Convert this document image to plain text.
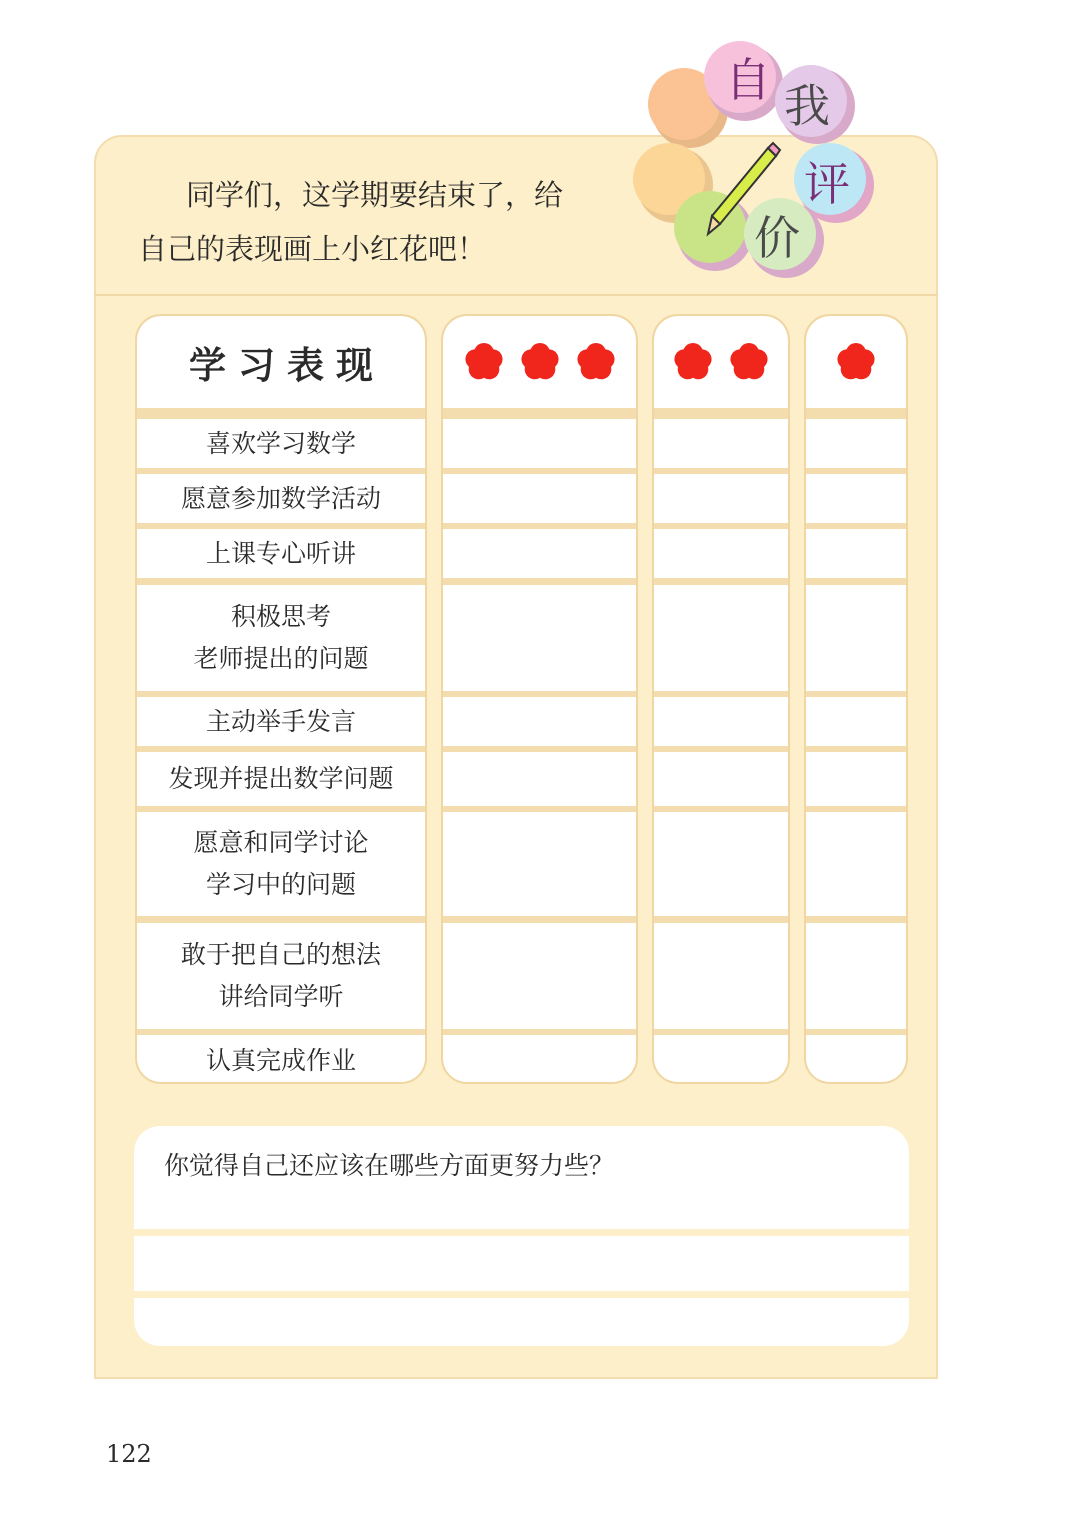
同学们，这学期要结束了，给
自己的表现画上小红花吧！
自 我
评
价
学习表现
喜欢学习数学
愿意参加数学活动
上课专心听讲
积极思考
老师提出的问题
主动举手发言
发现并提出数学问题
愿意和同学讨论
学习中的问题
敢于把自己的想法
讲给同学听
认真完成作业
你觉得自己还应该在哪些方面更努力些？
122
